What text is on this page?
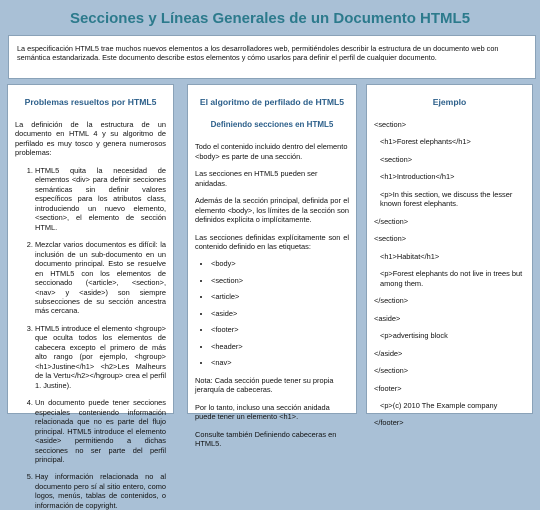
Secciones y Líneas Generales de un Documento HTML5

La especificación HTML5 trae muchos nuevos elementos a los desarrolladores web, permitiéndoles describir la estructura de un documento web con semántica estandarizada. Este documento describe estos elementos y cómo usarlos para definir el perfil de cualquier documento.

Problemas resueltos por HTML5

La definición de la estructura de un documento en HTML 4 y su algoritmo de perfilado es muy tosco y genera numerosos problemas:

1. HTML5 quita la necesidad de elementos <div> para definir secciones semánticas sin definir valores específicos para los atributos class, introduciendo un nuevo elemento, <section>, el elemento de sección HTML.
2. Mezclar varios documentos es difícil: la inclusión de un sub-documento en un documento principal. Esto se resuelve en HTML5 con los elementos de seccionado (<article>, <section>, <nav> y <aside>) son siempre subsecciones de su sección ancestra más cercana.
3. HTML5 introduce el elemento <hgroup> que oculta todos los elementos de cabecera excepto el primero de más alto rango (por ejemplo, <hgroup> <h1>Justine</h1> <h2>Les Malheurs de la Vertu</h2></hgroup> crea el perfil 1. Justine).
4. Un documento puede tener secciones especiales conteniendo información relacionada que no es parte del flujo principal. HTML5 introduce el elemento <aside> permitiendo a dichas secciones no ser parte del perfil principal.
5. Hay información relacionada no al documento pero sí al sitio entero, como logos, menús, tablas de contenidos, o información de copyright.
El algoritmo de perfilado de HTML5
Definiendo secciones en HTML5

Todo el contenido incluido dentro del elemento <body> es parte de una sección.

Las secciones en HTML5 pueden ser anidadas.

Además de la sección principal, definida por el elemento <body>, los límites de la sección son definidos explícita o implícitamente.

Las secciones definidas explícitamente son el contenido definido en las etiquetas:

• <body>
• <section>
• <article>
• <aside>
• <footer>
• <header>
• <nav>

Nota: Cada sección puede tener su propia jerarquía de cabeceras.

Por lo tanto, incluso una sección anidada puede tener un elemento <h1>.

Consulte también Definiendo cabeceras en HTML5.

Ejemplo

<section>

<h1>Forest elephants</h1>

<section>

<h1>Introduction</h1>

<p>In this section, we discuss the lesser known forest elephants.

</section>

<section>

<h1>Habitat</h1>

<p>Forest elephants do not live in trees but among them.

</section>

<aside>

<p>advertising block

</aside>

</section>

<footer>

<p>(c) 2010 The Example company

</footer>
